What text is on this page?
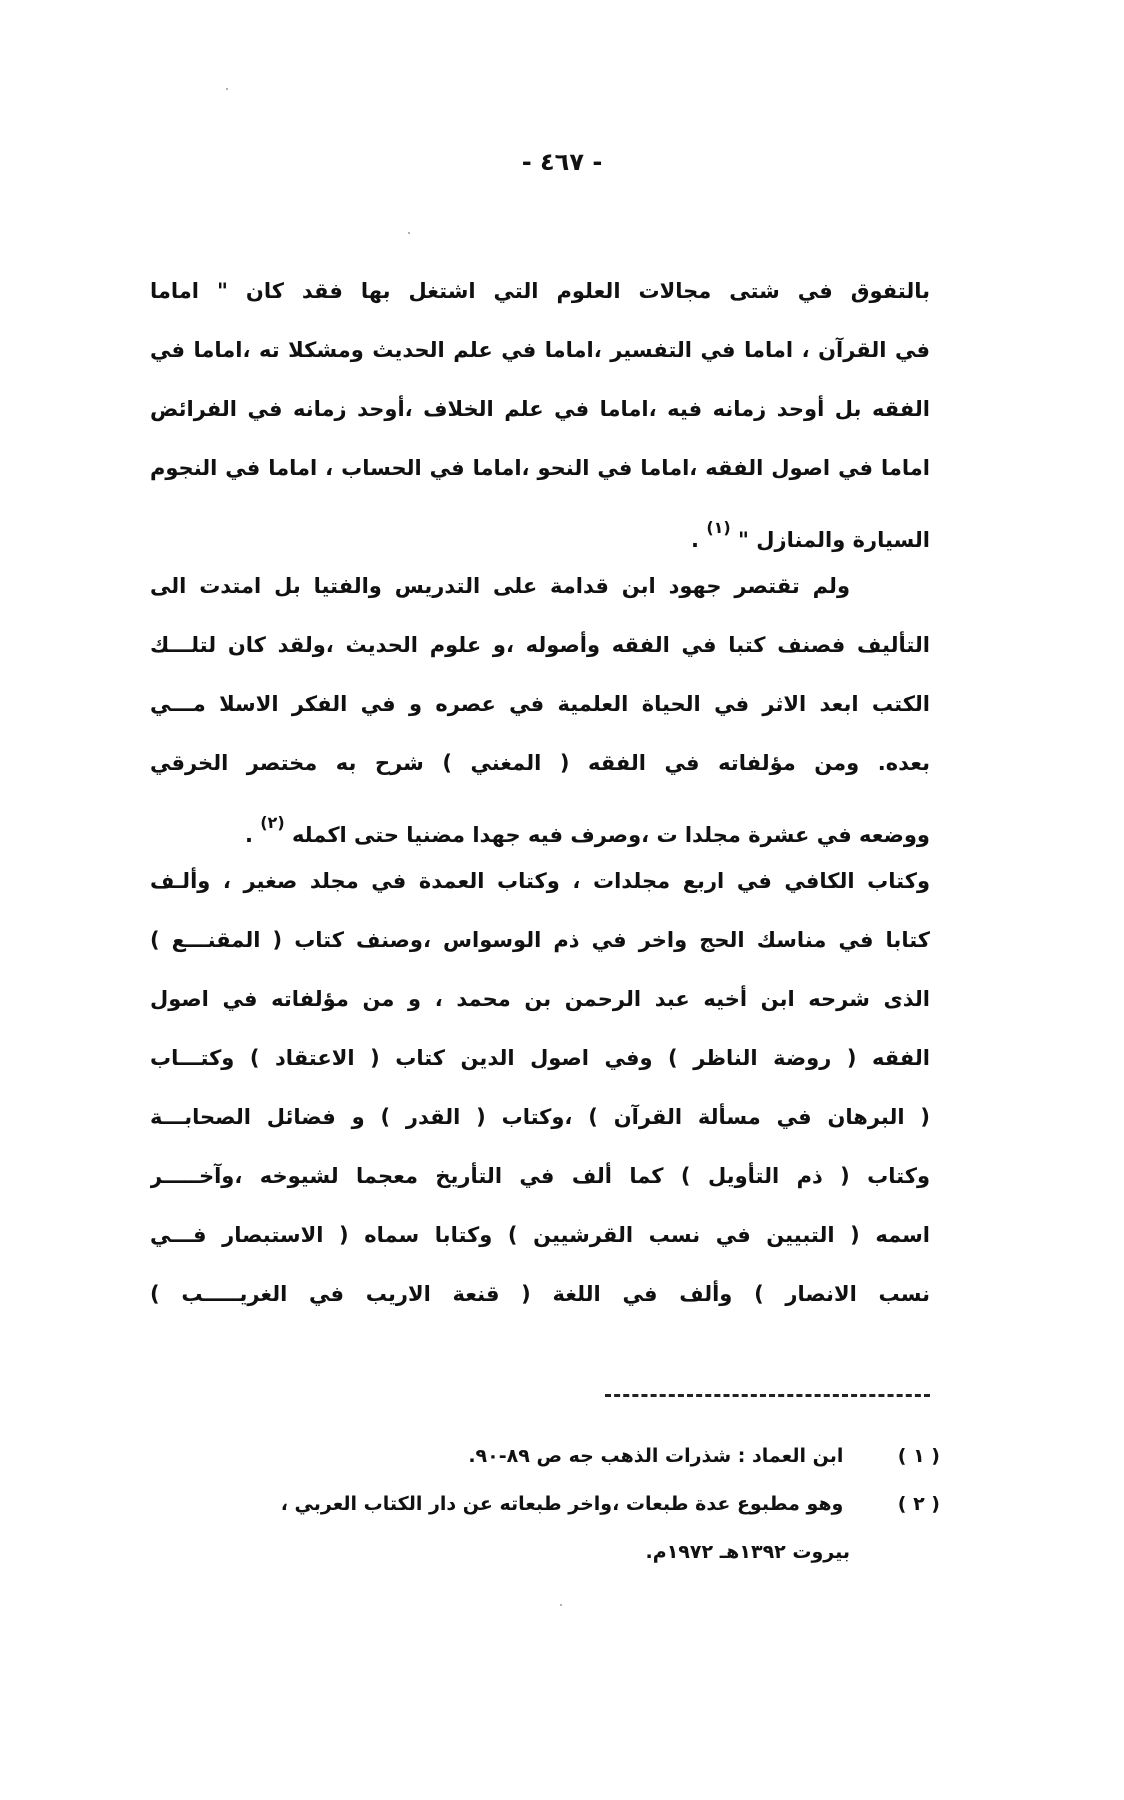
- ٤٦٧ -
بالتفوق في شتى مجالات العلوم التي اشتغل بها فقد كان " اماما
في القرآن ، اماما في التفسير ،اماما في علم الحديث ومشكلا ته ،اماما في
الفقه بل أوحد زمانه فيه ،اماما في علم الخلاف ،أوحد زمانه في الفرائض
اماما في اصول الفقه ،اماما في النحو ،اماما في الحساب ، اماما في النجوم
السيارة والمنازل " $^{(١)}$ .
ولم تقتصر جهود ابن قدامة على التدريس والفتيا بل امتدت الى
التأليف فصنف كتبا في الفقه وأصوله ،و علوم الحديث ،ولقد كان لتلـــك
الكتب ابعد الاثر في الحياة العلمية في عصره و في الفكر الاسلا مـــي
بعده. ومن مؤلفاته في الفقه ( المغني ) شرح به مختصر الخرقي
ووضعه في عشرة مجلدا ت ،وصرف فيه جهدا مضنيا حتى اكمله $^{(٢)}$ .
وكتاب الكافي في اربع مجلدات ، وكتاب العمدة في مجلد صغير ، وألـف
كتابا في مناسك الحج واخر في ذم الوسواس ،وصنف كتاب ( المقنـــع )
الذى شرحه ابن أخيه عبد الرحمن بن محمد ، و من مؤلفاته في اصول
الفقه ( روضة الناظر ) وفي اصول الدين كتاب ( الاعتقاد ) وكتـــاب
( البرهان في مسألة القرآن ) ،وكتاب ( القدر ) و فضائل الصحابـــة
وكتاب ( ذم التأويل ) كما ألف في التأريخ معجما لشيوخه ،وآخـــــر
اسمه ( التبيين في نسب القرشيين ) وكتابا سماه ( الاستبصار فـــي
نسب الانصار ) وألف في اللغة ( قنعة الاريب في الغريـــــب )
( ١ ) ابن العماد : شذرات الذهب جه ص ٨٩-٩٠.
( ٢ ) وهو مطبوع عدة طبعات ،واخر طبعاته عن دار الكتاب العربي ،
بيروت ١٣٩٢هـ ١٩٧٢م.
